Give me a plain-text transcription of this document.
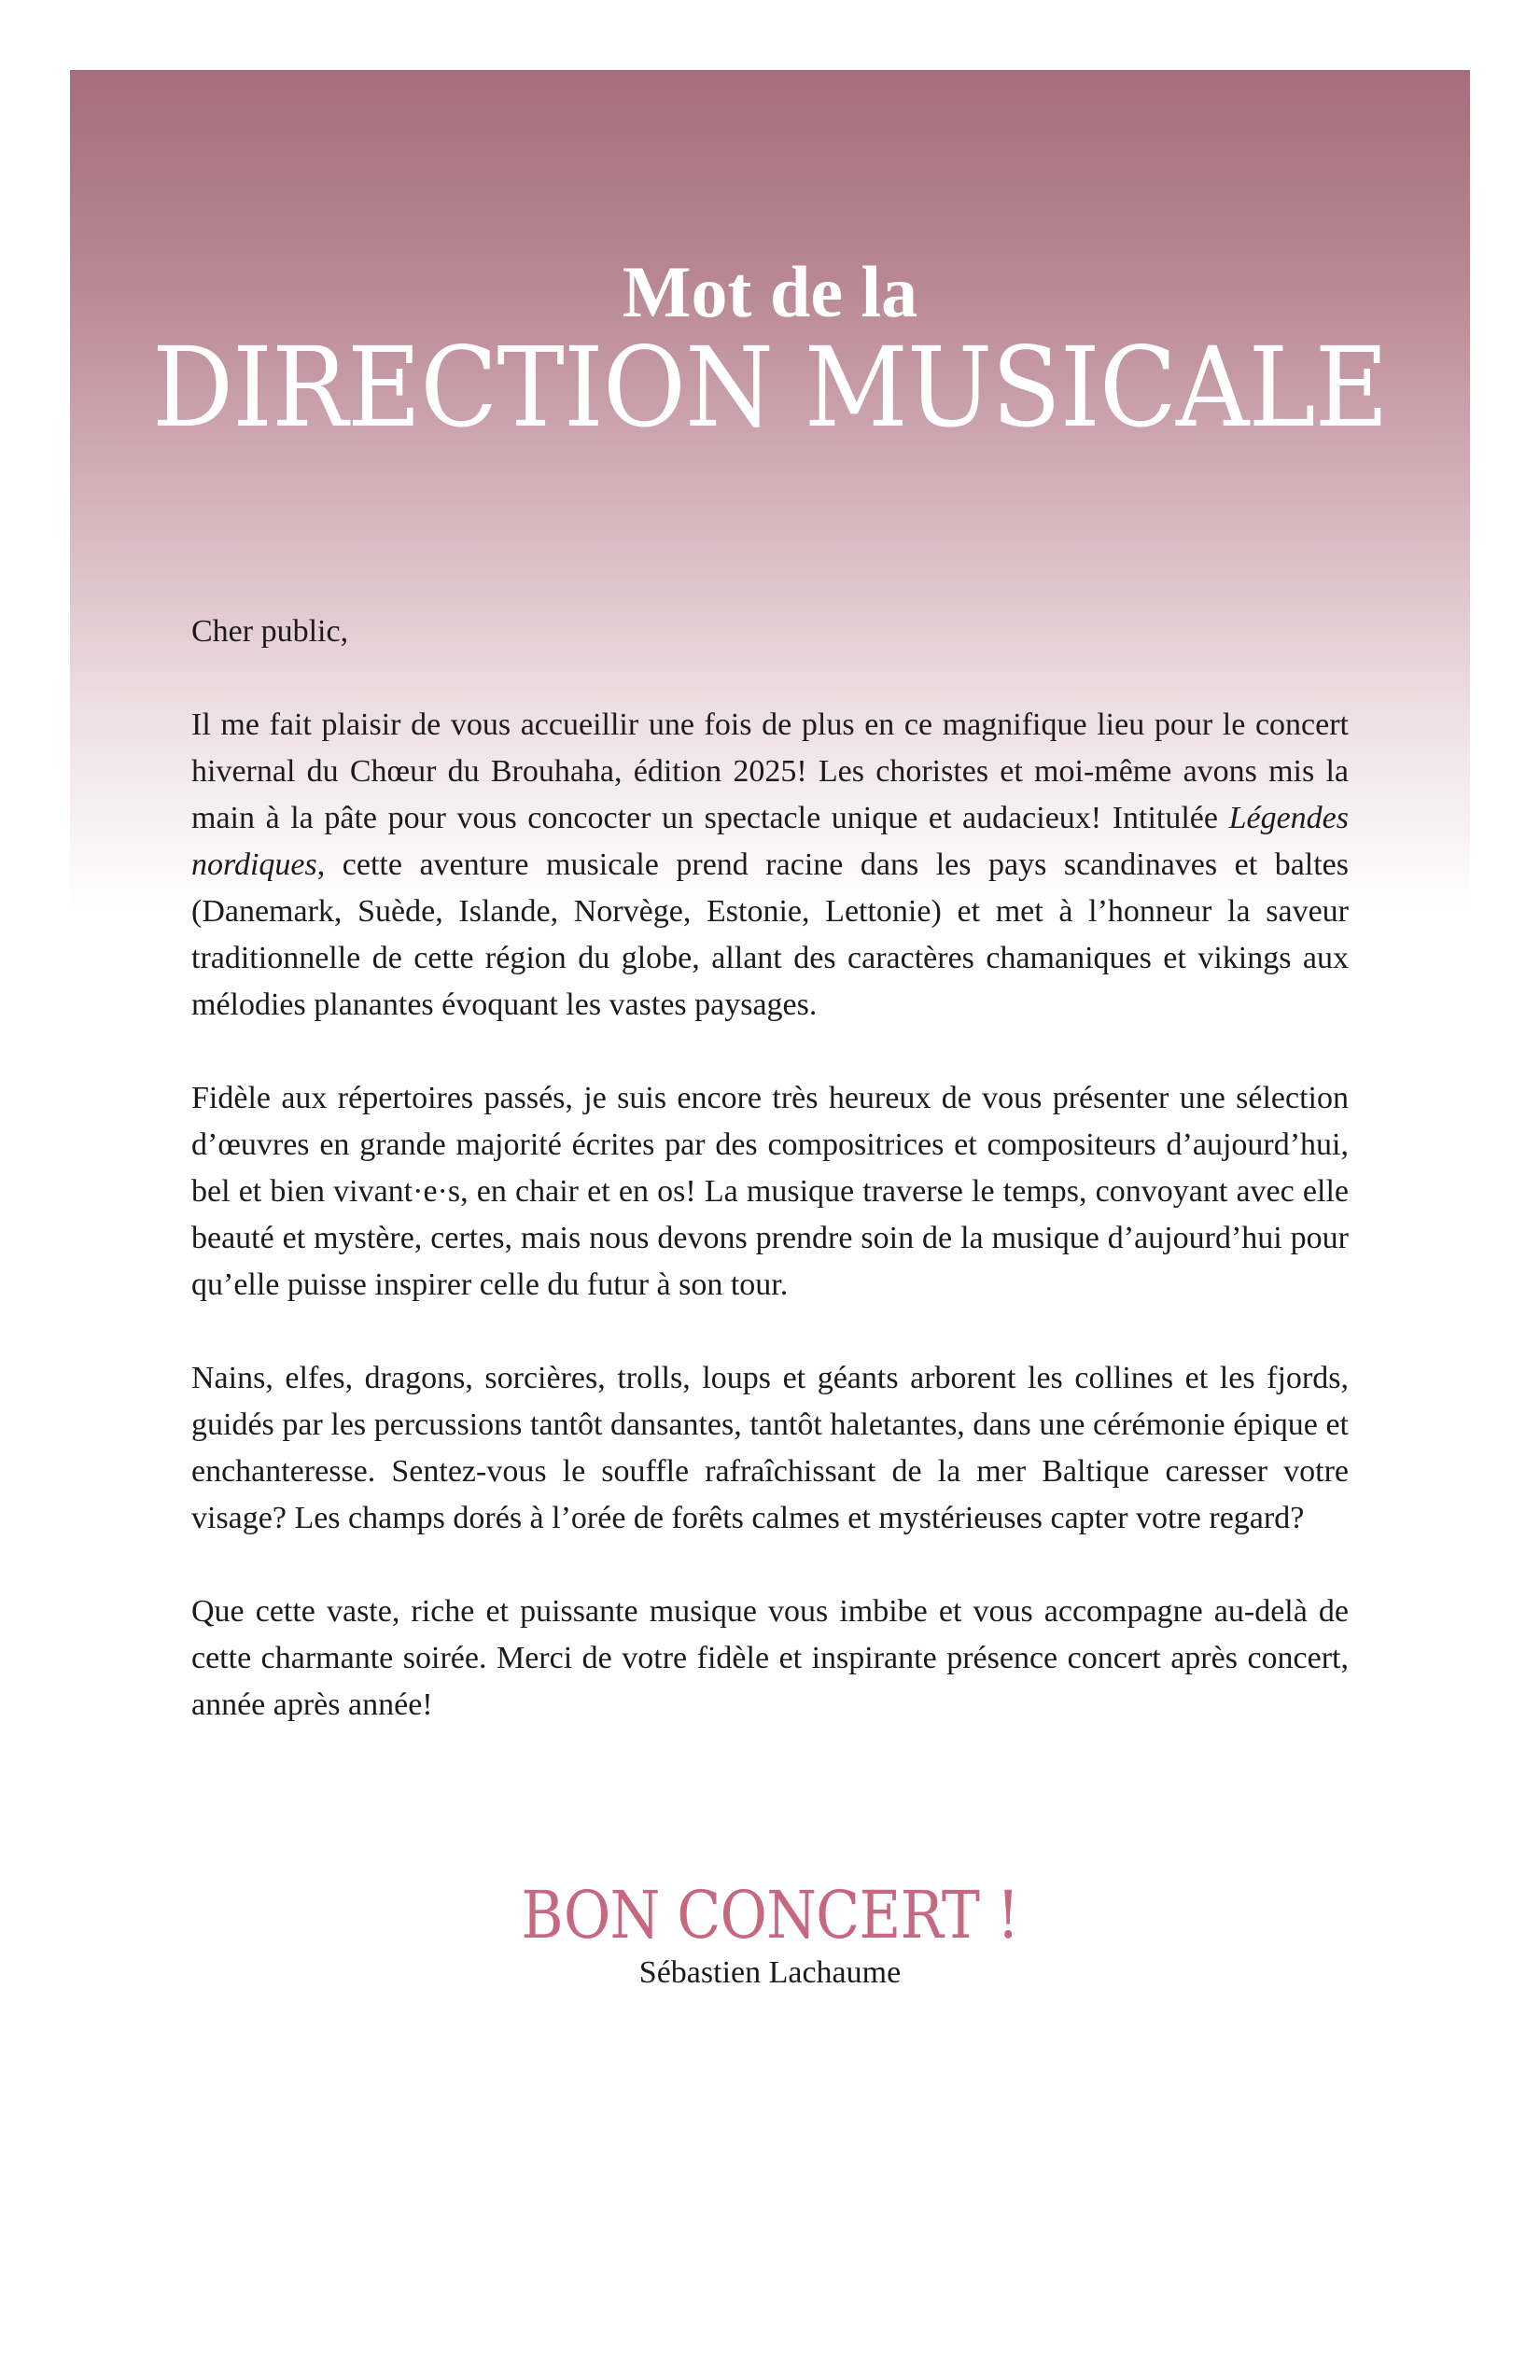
Mot de la
DIRECTION MUSICALE

Cher public,

Il me fait plaisir de vous accueillir une fois de plus en ce magnifique lieu pour le concert hivernal du Chœur du Brouhaha, édition 2025! Les choristes et moi-même avons mis la main à la pâte pour vous concocter un spectacle unique et audacieux! Intitulée Légendes nordiques, cette aventure musicale prend racine dans les pays scandinaves et baltes (Danemark, Suède, Islande, Norvège, Estonie, Lettonie) et met à l’honneur la saveur traditionnelle de cette région du globe, allant des caractères chamaniques et vikings aux mélodies planantes évoquant les vastes paysages.

Fidèle aux répertoires passés, je suis encore très heureux de vous présenter une sélection d’œuvres en grande majorité écrites par des compositrices et compositeurs d’aujourd’hui, bel et bien vivant·e·s, en chair et en os! La musique traverse le temps, convoyant avec elle beauté et mystère, certes, mais nous devons prendre soin de la musique d’aujourd’hui pour qu’elle puisse inspirer celle du futur à son tour.

Nains, elfes, dragons, sorcières, trolls, loups et géants arborent les collines et les fjords, guidés par les percussions tantôt dansantes, tantôt haletantes, dans une cérémonie épique et enchanteresse. Sentez-vous le souffle rafraîchissant de la mer Baltique caresser votre visage? Les champs dorés à l’orée de forêts calmes et mystérieuses capter votre regard?

Que cette vaste, riche et puissante musique vous imbibe et vous accompagne au-delà de cette charmante soirée. Merci de votre fidèle et inspirante présence concert après concert, année après année!

BON CONCERT !
Sébastien Lachaume
